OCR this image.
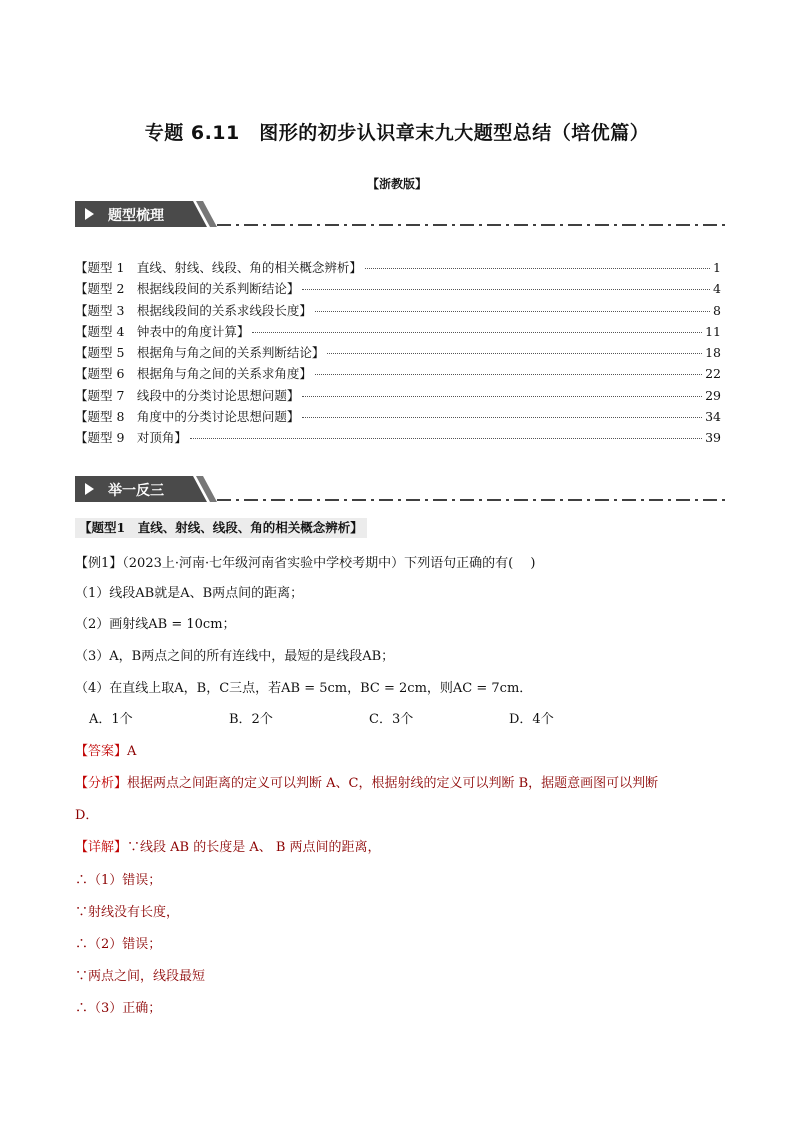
专题 6.11　图形的初步认识章末九大题型总结（培优篇）
【浙教版】
题型梳理
【题型 1　直线、射线、线段、角的相关概念辨析】	1
【题型 2　根据线段间的关系判断结论】	4
【题型 3　根据线段间的关系求线段长度】	8
【题型 4　钟表中的角度计算】	11
【题型 5　根据角与角之间的关系判断结论】	18
【题型 6　根据角与角之间的关系求角度】	22
【题型 7　线段中的分类讨论思想问题】	29
【题型 8　角度中的分类讨论思想问题】	34
【题型 9　对顶角】	39
举一反三
【题型1　直线、射线、线段、角的相关概念辨析】
【例1】（2023上·河南·七年级河南省实验中学校考期中）下列语句正确的有(　 )
（1）线段AB就是A、B两点间的距离；
（2）画射线AB = 10cm；
（3）A，B两点之间的所有连线中，最短的是线段AB；
（4）在直线上取A，B，C三点，若AB = 5cm，BC = 2cm，则AC = 7cm．
A．1个	B．2个	C．3个	D．4个
【答案】A
【分析】根据两点之间距离的定义可以判断 A、C，根据射线的定义可以判断 B，据题意画图可以判断
D．
【详解】∵线段 AB 的长度是 A、 B 两点间的距离，
∴（1）错误；
∵射线没有长度，
∴（2）错误；
∵两点之间，线段最短
∴（3）正确；
